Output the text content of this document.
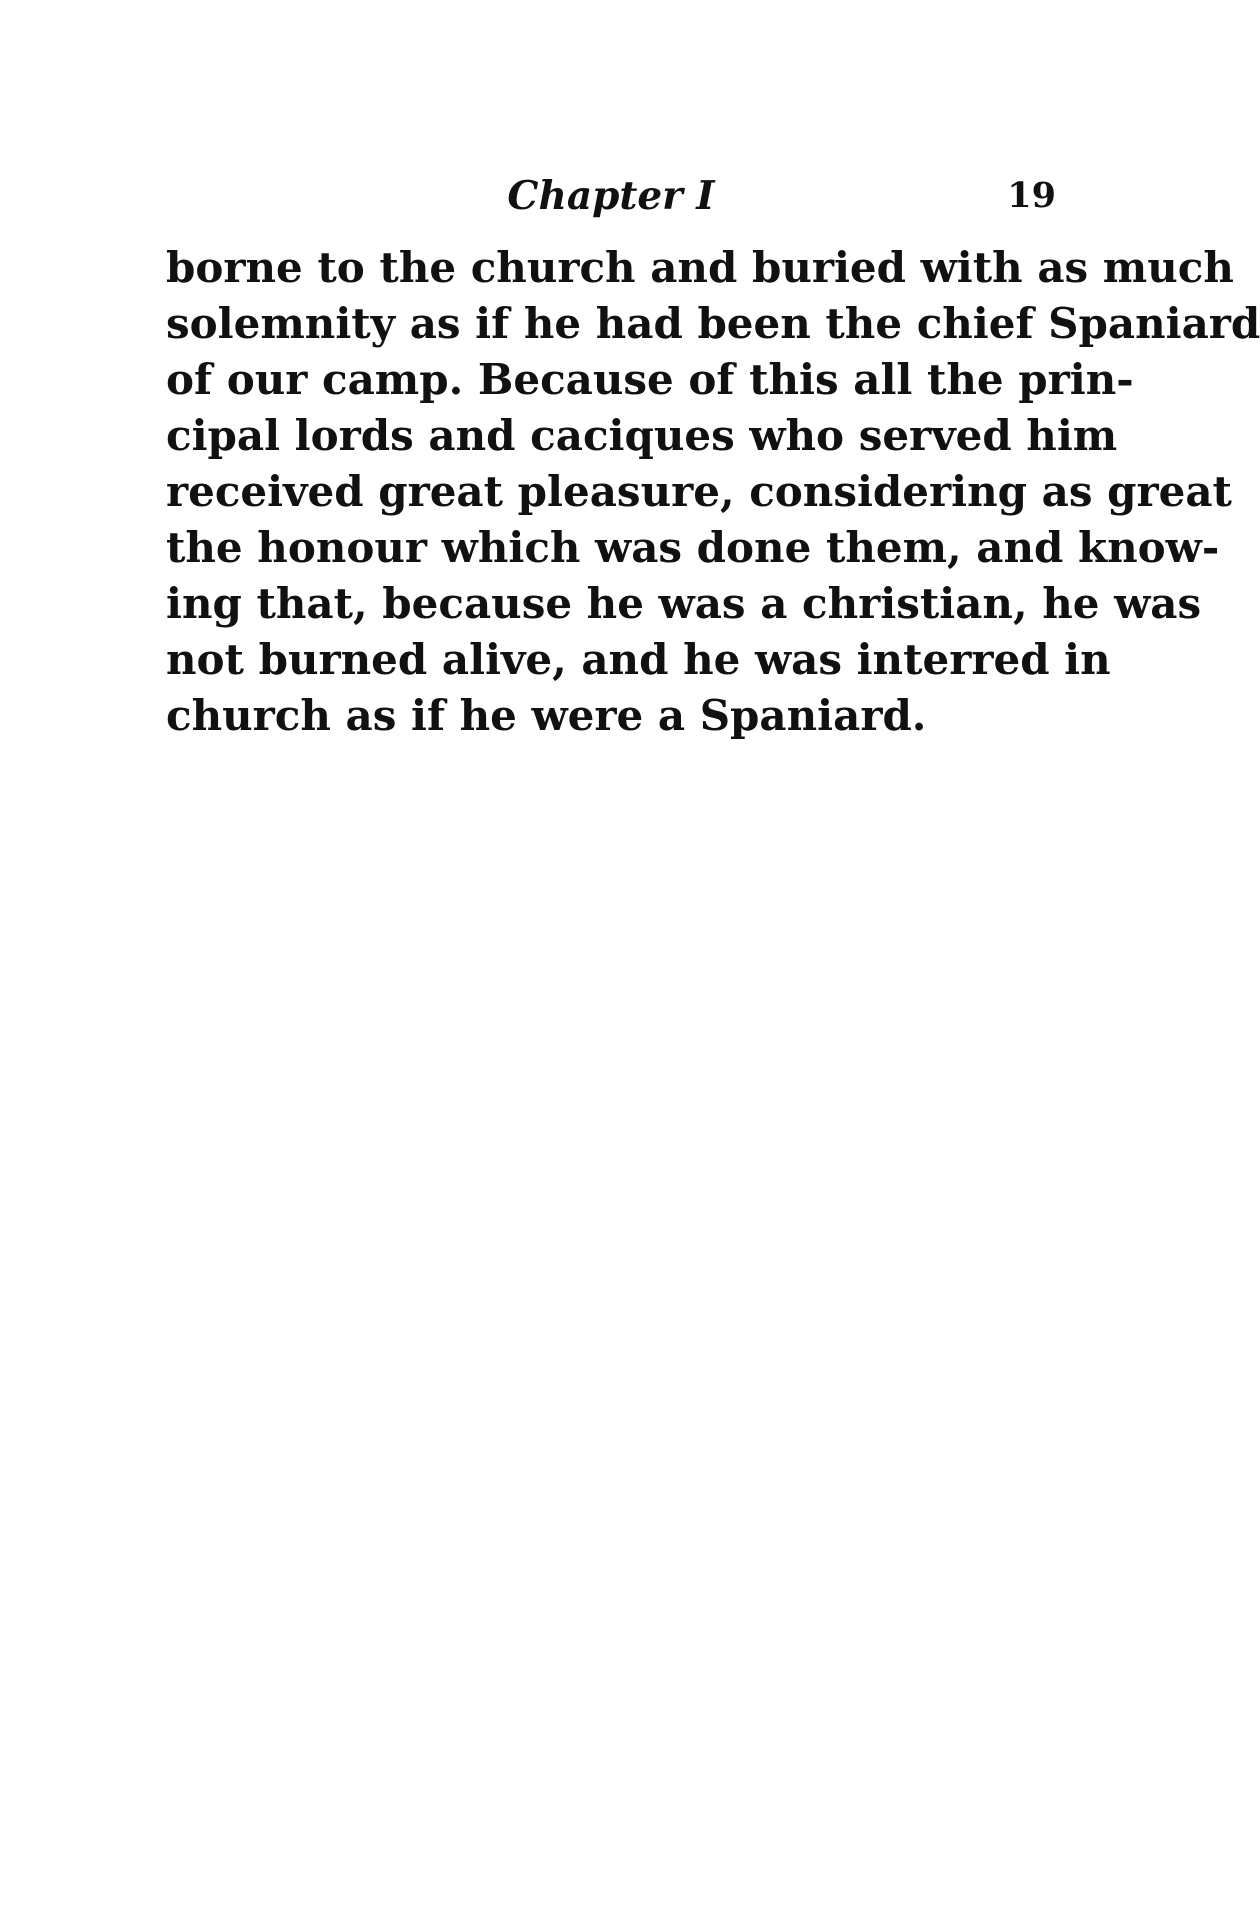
Chapter I	19
borne to the church and buried with as much
solemnity as if he had been the chief Spaniard
of our camp. Because of this all the prin-
cipal lords and caciques who served him
received great pleasure, considering as great
the honour which was done them, and know-
ing that, because he was a christian, he was
not burned alive, and he was interred in
church as if he were a Spaniard.
